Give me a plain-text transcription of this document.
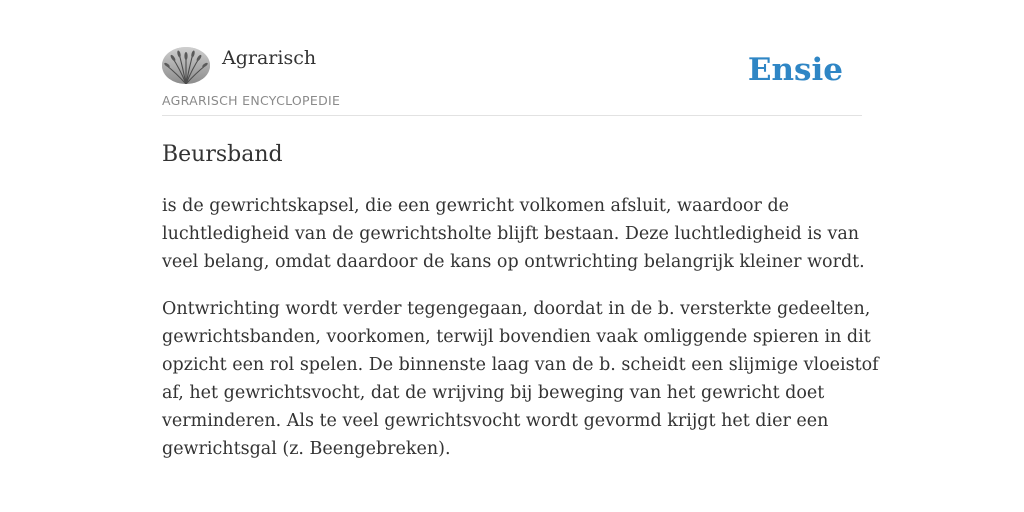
Agrarisch
AGRARISCH ENCYCLOPEDIE
Ensie
Beursband

is de gewrichtskapsel, die een gewricht volkomen afsluit, waardoor de
luchtledigheid van de gewrichtsholte blijft bestaan. Deze luchtledigheid is van
veel belang, omdat daardoor de kans op ontwrichting belangrijk kleiner wordt.

Ontwrichting wordt verder tegengegaan, doordat in de b. versterkte gedeelten,
gewrichtsbanden, voorkomen, terwijl bovendien vaak omliggende spieren in dit
opzicht een rol spelen. De binnenste laag van de b. scheidt een slijmige vloeistof
af, het gewrichtsvocht, dat de wrijving bij beweging van het gewricht doet
verminderen. Als te veel gewrichtsvocht wordt gevormd krijgt het dier een
gewrichtsgal (z. Beengebreken).
